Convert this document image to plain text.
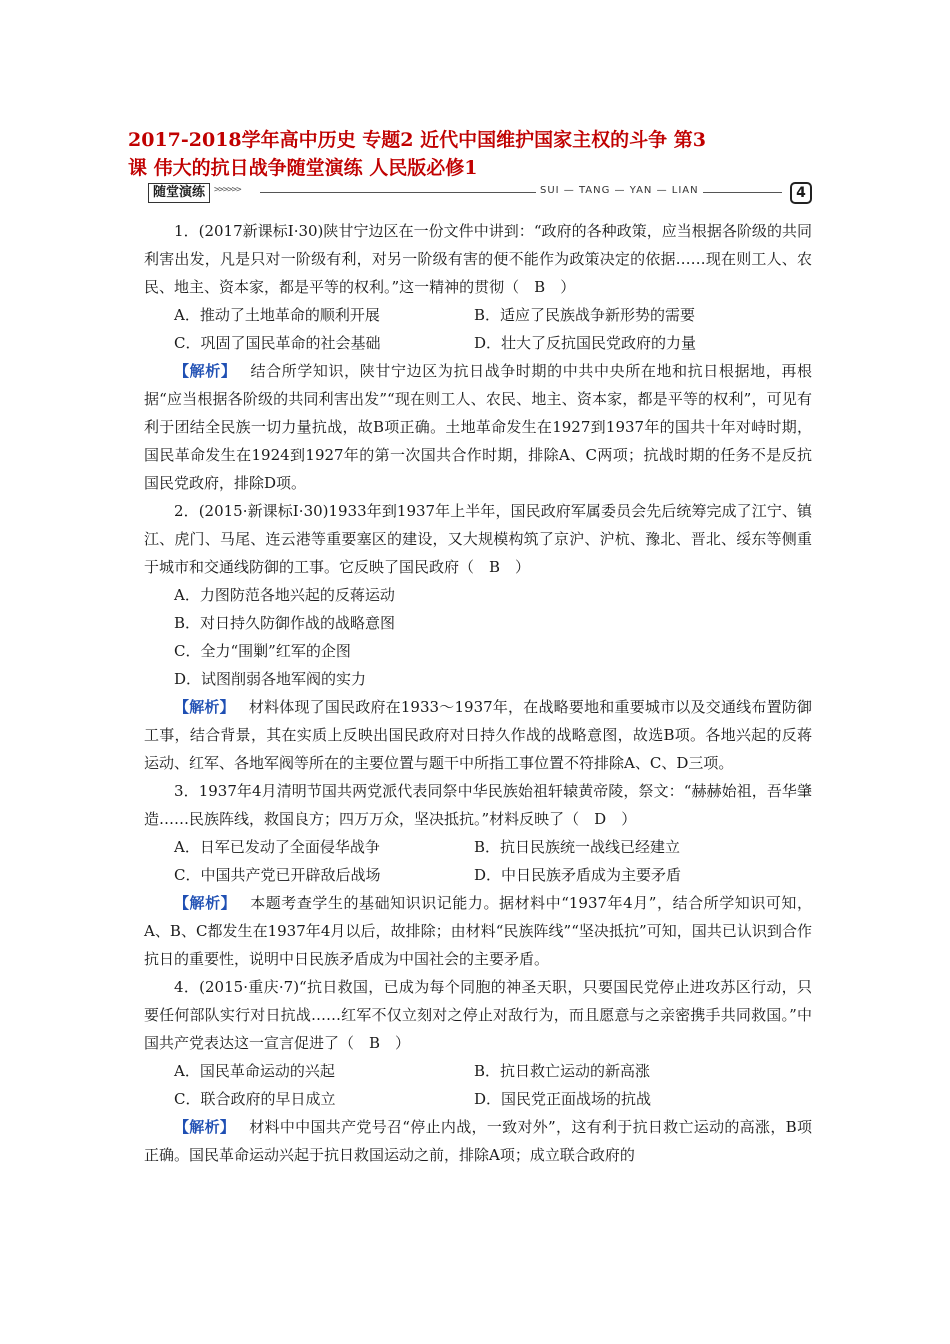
2017-2018学年高中历史 专题2 近代中国维护国家主权的斗争 第3
课 伟大的抗日战争随堂演练 人民版必修1
随堂演练 >>>>>>	SUI — TANG — YAN — LIAN	4

1．(2017新课标Ⅰ·30)陕甘宁边区在一份文件中讲到：“政府的各种政策，应当根据各阶级的共同利害出发，凡是只对一阶级有利，对另一阶级有害的便不能作为政策决定的依据……现在则工人、农民、地主、资本家，都是平等的权利。”这一精神的贯彻（　B　）

A．推动了土地革命的顺利开展	B．适应了民族战争新形势的需要
C．巩固了国民革命的社会基础	D．壮大了反抗国民党政府的力量

【解析】 结合所学知识，陕甘宁边区为抗日战争时期的中共中央所在地和抗日根据地，再根据“应当根据各阶级的共同利害出发”“现在则工人、农民、地主、资本家，都是平等的权利”，可见有利于团结全民族一切力量抗战，故B项正确。土地革命发生在1927到1937年的国共十年对峙时期，国民革命发生在1924到1927年的第一次国共合作时期，排除A、C两项；抗战时期的任务不是反抗国民党政府，排除D项。

2．(2015·新课标Ⅰ·30)1933年到1937年上半年，国民政府军属委员会先后统筹完成了江宁、镇江、虎门、马尾、连云港等重要塞区的建设，又大规模构筑了京沪、沪杭、豫北、晋北、绥东等侧重于城市和交通线防御的工事。它反映了国民政府（　B　）

A．力图防范各地兴起的反蒋运动
B．对日持久防御作战的战略意图
C．全力“围剿”红军的企图
D．试图削弱各地军阀的实力

【解析】 材料体现了国民政府在1933～1937年，在战略要地和重要城市以及交通线布置防御工事，结合背景，其在实质上反映出国民政府对日持久作战的战略意图，故选B项。各地兴起的反蒋运动、红军、各地军阀等所在的主要位置与题干中所指工事位置不符排除A、C、D三项。

3．1937年4月清明节国共两党派代表同祭中华民族始祖轩辕黄帝陵，祭文：“赫赫始祖，吾华肇造……民族阵线，救国良方；四万万众，坚决抵抗。”材料反映了（　D　）

A．日军已发动了全面侵华战争	B．抗日民族统一战线已经建立
C．中国共产党已开辟敌后战场	D．中日民族矛盾成为主要矛盾

【解析】 本题考查学生的基础知识识记能力。据材料中“1937年4月”，结合所学知识可知，A、B、C都发生在1937年4月以后，故排除；由材料“民族阵线”“坚决抵抗”可知，国共已认识到合作抗日的重要性，说明中日民族矛盾成为中国社会的主要矛盾。

4．(2015·重庆·7)“抗日救国，已成为每个同胞的神圣天职，只要国民党停止进攻苏区行动，只要任何部队实行对日抗战……红军不仅立刻对之停止对敌行为，而且愿意与之亲密携手共同救国。”中国共产党表达这一宣言促进了（　B　）

A．国民革命运动的兴起	B．抗日救亡运动的新高涨
C．联合政府的早日成立	D．国民党正面战场的抗战

【解析】 材料中中国共产党号召“停止内战，一致对外”，这有利于抗日救亡运动的高涨，B项正确。国民革命运动兴起于抗日救国运动之前，排除A项；成立联合政府的
